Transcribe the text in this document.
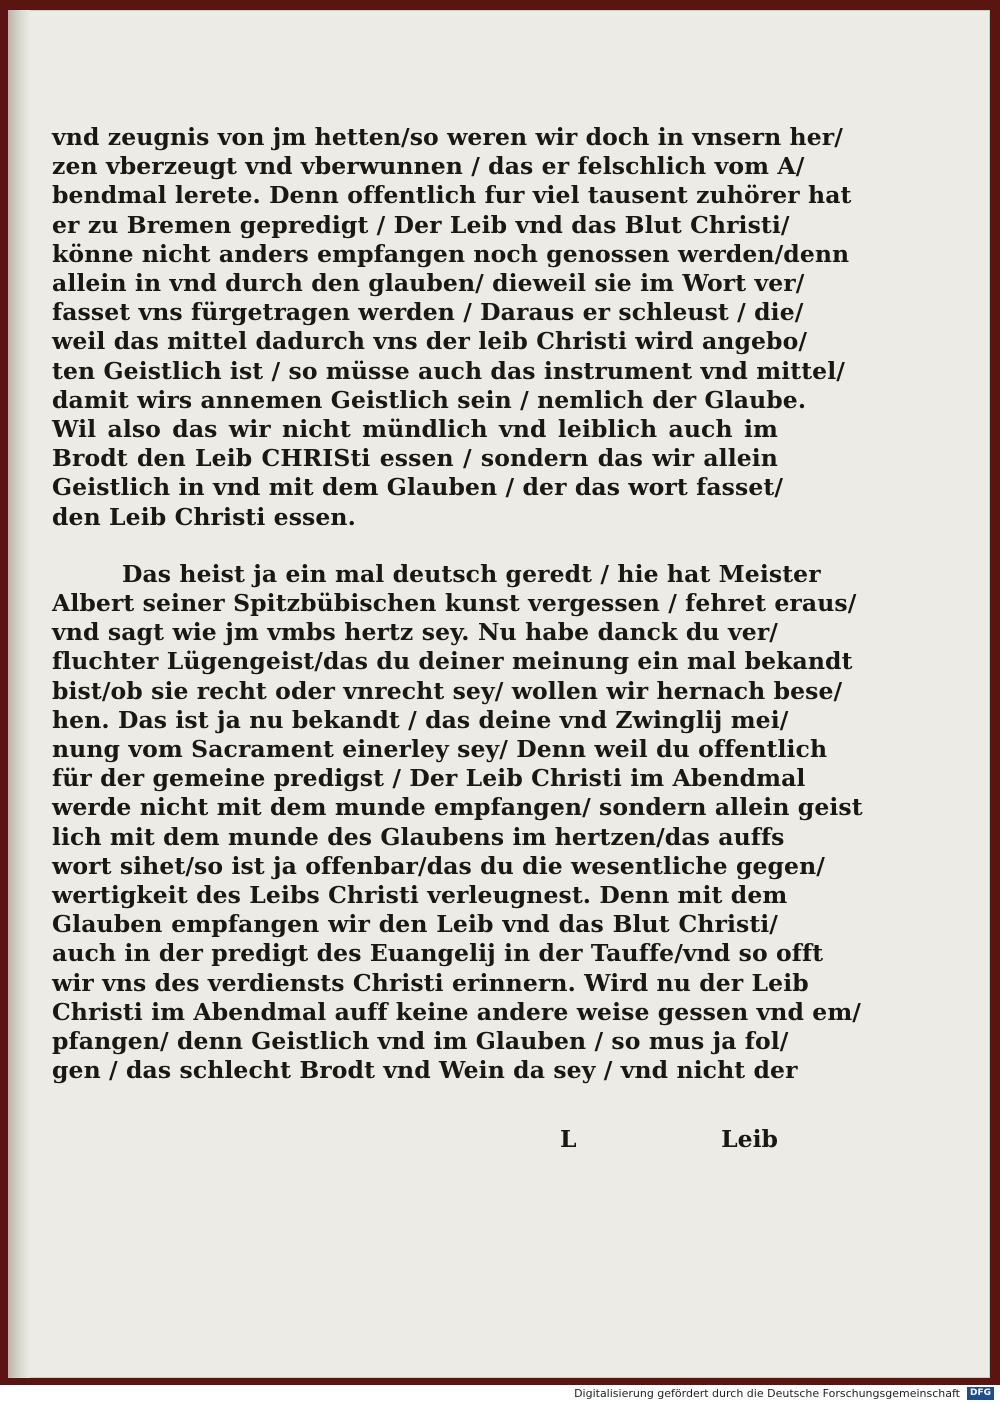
vnd zeugnis von jm hetten/so weren wir doch in vnsern her/
zen vberzeugt vnd vberwunnen / das er felschlich vom A/
bendmal lerete. Denn offentlich fur viel tausent zuhörer hat
er zu Bremen gepredigt / Der Leib vnd das Blut Christi/
könne nicht anders empfangen noch genossen werden/denn
allein in vnd durch den glauben/ dieweil sie im Wort ver/
fasset vns fürgetragen werden / Daraus er schleust / die/
weil das mittel dadurch vns der leib Christi wird angebo/
ten Geistlich ist / so müsse auch das instrument vnd mittel/
damit wirs annemen Geistlich sein / nemlich der Glaube.
Wil also das wir nicht mündlich vnd leiblich auch im
Brodt den Leib CHRISti essen / sondern das wir allein
Geistlich in vnd mit dem Glauben / der das wort fasset/
den Leib Christi essen.
Das heist ja ein mal deutsch geredt / hie hat Meister
Albert seiner Spitzbübischen kunst vergessen / fehret eraus/
vnd sagt wie jm vmbs hertz sey. Nu habe danck du ver/
fluchter Lügengeist/das du deiner meinung ein mal bekandt
bist/ob sie recht oder vnrecht sey/ wollen wir hernach bese/
hen. Das ist ja nu bekandt / das deine vnd Zwinglij mei/
nung vom Sacrament einerley sey/ Denn weil du offentlich
für der gemeine predigst / Der Leib Christi im Abendmal
werde nicht mit dem munde empfangen/ sondern allein geist
lich mit dem munde des Glaubens im hertzen/das auffs
wort sihet/so ist ja offenbar/das du die wesentliche gegen/
wertigkeit des Leibs Christi verleugnest. Denn mit dem
Glauben empfangen wir den Leib vnd das Blut Christi/
auch in der predigt des Euangelij in der Tauffe/vnd so offt
wir vns des verdiensts Christi erinnern. Wird nu der Leib
Christi im Abendmal auff keine andere weise gessen vnd em/
pfangen/ denn Geistlich vnd im Glauben / so mus ja fol/
gen / das schlecht Brodt vnd Wein da sey / vnd nicht der
L	Leib
Digitalisierung gefördert durch die Deutsche Forschungsgemeinschaft	DFG
